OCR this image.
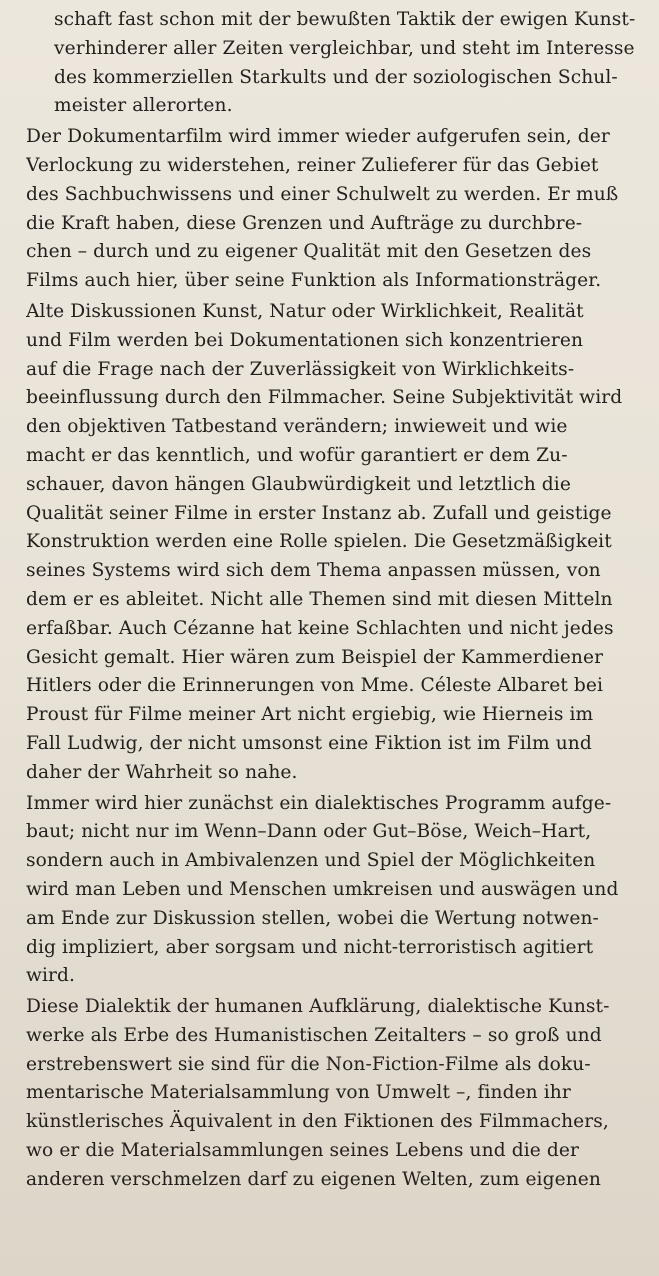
schaft fast schon mit der bewußten Taktik der ewigen Kunst-
verhinderer aller Zeiten vergleichbar, und steht im Interesse
des kommerziellen Starkults und der soziologischen Schul-
meister allerorten.
Der Dokumentarfilm wird immer wieder aufgerufen sein, der
Verlockung zu widerstehen, reiner Zulieferer für das Gebiet
des Sachbuchwissens und einer Schulwelt zu werden. Er muß
die Kraft haben, diese Grenzen und Aufträge zu durchbre-
chen – durch und zu eigener Qualität mit den Gesetzen des
Films auch hier, über seine Funktion als Informationsträger.
Alte Diskussionen Kunst, Natur oder Wirklichkeit, Realität
und Film werden bei Dokumentationen sich konzentrieren
auf die Frage nach der Zuverlässigkeit von Wirklichkeits-
beeinflussung durch den Filmmacher. Seine Subjektivität wird
den objektiven Tatbestand verändern; inwieweit und wie
macht er das kenntlich, und wofür garantiert er dem Zu-
schauer, davon hängen Glaubwürdigkeit und letztlich die
Qualität seiner Filme in erster Instanz ab. Zufall und geistige
Konstruktion werden eine Rolle spielen. Die Gesetzmäßigkeit
seines Systems wird sich dem Thema anpassen müssen, von
dem er es ableitet. Nicht alle Themen sind mit diesen Mitteln
erfaßbar. Auch Cézanne hat keine Schlachten und nicht jedes
Gesicht gemalt. Hier wären zum Beispiel der Kammerdiener
Hitlers oder die Erinnerungen von Mme. Céleste Albaret bei
Proust für Filme meiner Art nicht ergiebig, wie Hierneis im
Fall Ludwig, der nicht umsonst eine Fiktion ist im Film und
daher der Wahrheit so nahe.
Immer wird hier zunächst ein dialektisches Programm aufge-
baut; nicht nur im Wenn–Dann oder Gut–Böse, Weich–Hart,
sondern auch in Ambivalenzen und Spiel der Möglichkeiten
wird man Leben und Menschen umkreisen und auswägen und
am Ende zur Diskussion stellen, wobei die Wertung notwen-
dig impliziert, aber sorgsam und nicht-terroristisch agitiert
wird.
Diese Dialektik der humanen Aufklärung, dialektische Kunst-
werke als Erbe des Humanistischen Zeitalters – so groß und
erstrebenswert sie sind für die Non-Fiction-Filme als doku-
mentarische Materialsammlung von Umwelt –, finden ihr
künstlerisches Äquivalent in den Fiktionen des Filmmachers,
wo er die Materialsammlungen seines Lebens und die der
anderen verschmelzen darf zu eigenen Welten, zum eigenen
